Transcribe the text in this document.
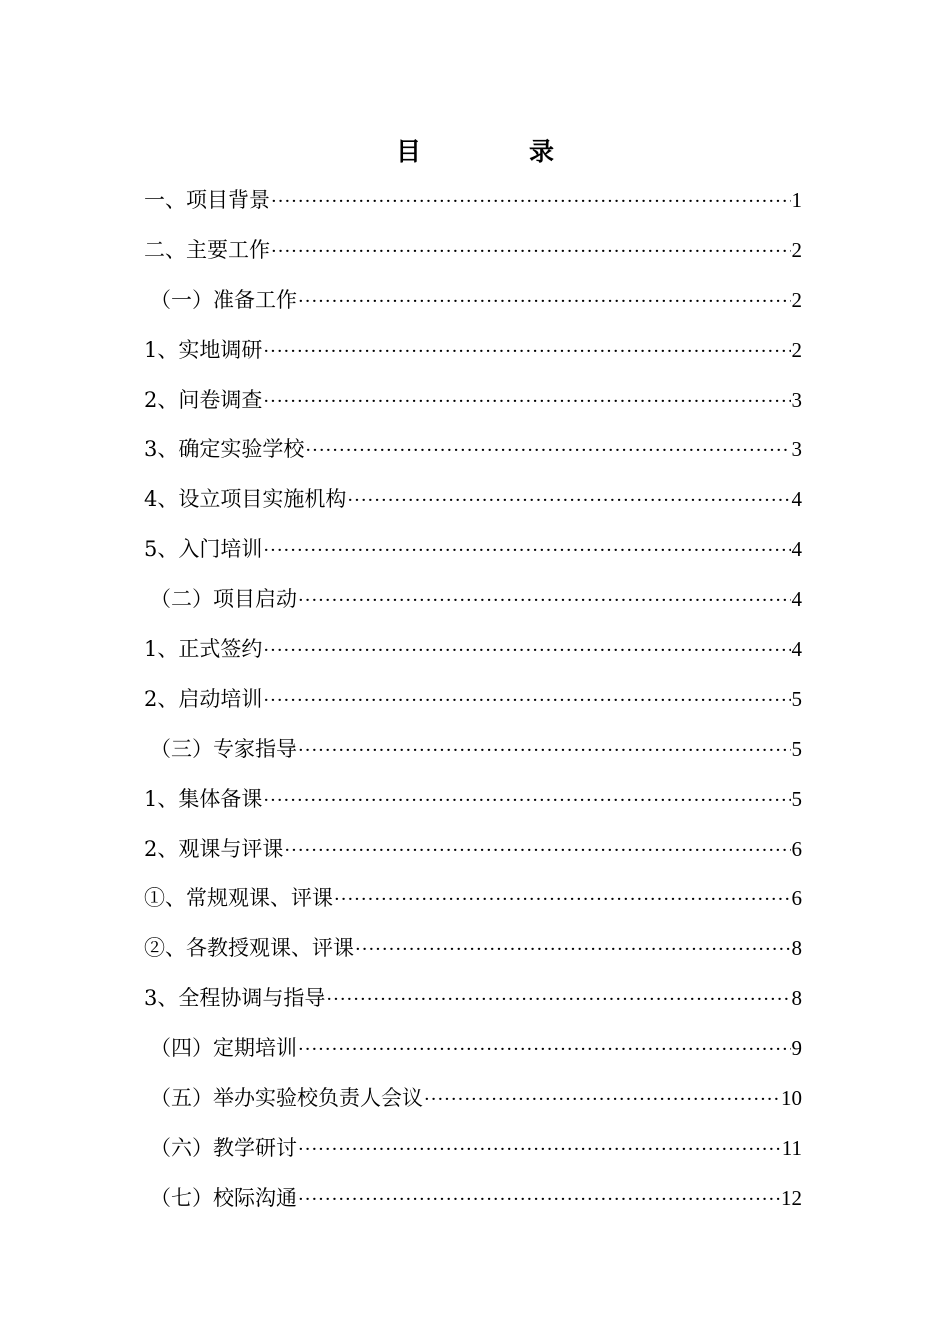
目	录
一、项目背景 ·····	1
二、主要工作 ·····	2
（一）准备工作 ·····	2
1、实地调研 ·····	2
2、问卷调查 ·····	3
3、确定实验学校 ·····	3
4、设立项目实施机构 ·····	4
5、入门培训 ·····	4
（二）项目启动 ·····	4
1、正式签约 ·····	4
2、启动培训 ·····	5
（三）专家指导 ·····	5
1、集体备课 ·····	5
2、观课与评课 ·····	6
①、常规观课、评课 ·····	6
②、各教授观课、评课 ·····	8
3、全程协调与指导 ·····	8
（四）定期培训 ·····	9
（五）举办实验校负责人会议 ·····	10
（六）教学研讨 ·····	11
（七）校际沟通 ·····	12
